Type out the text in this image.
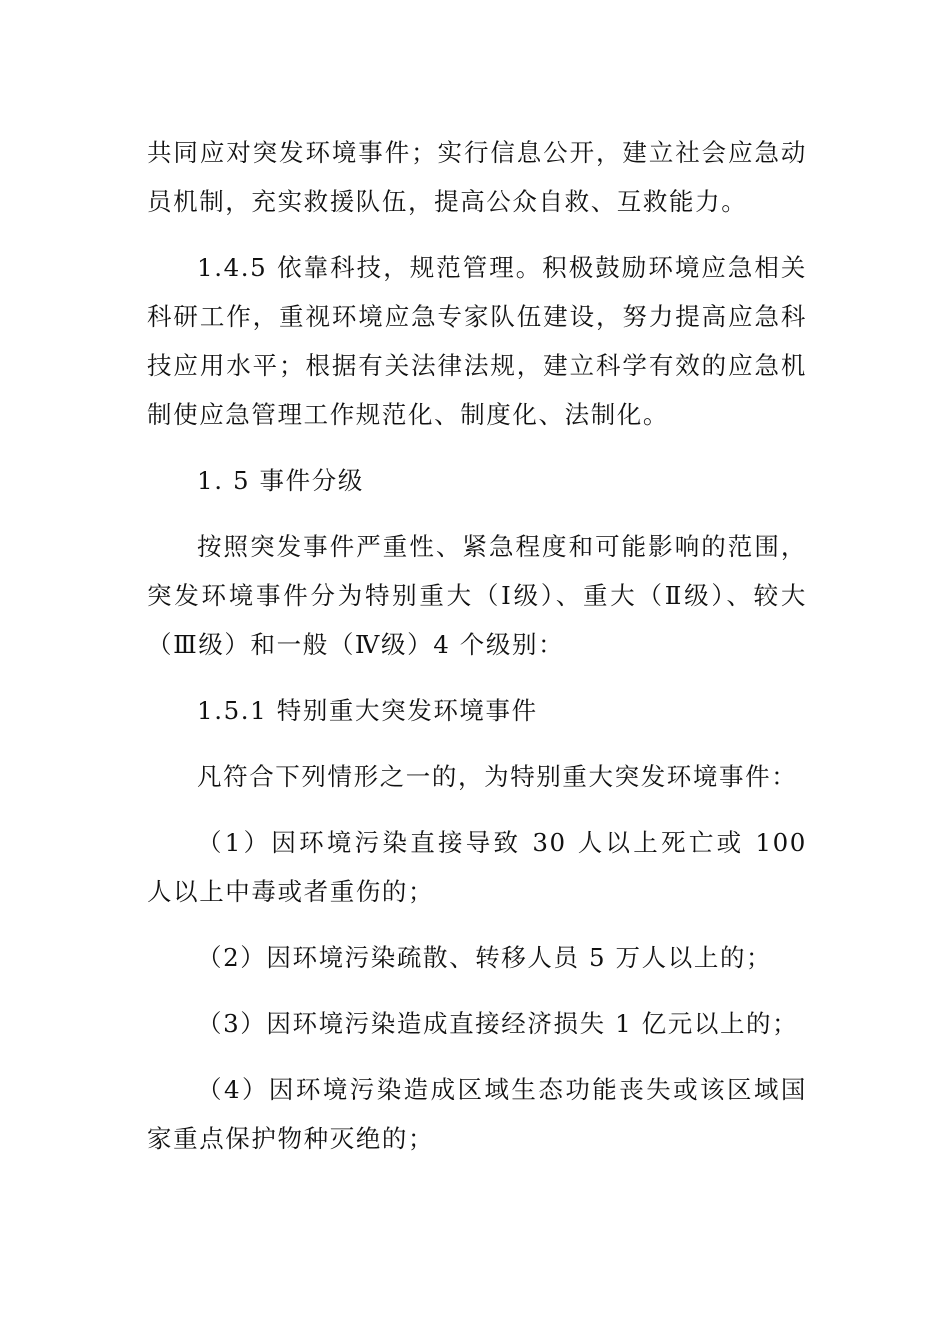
共同应对突发环境事件；实行信息公开，建立社会应急动员机制，充实救援队伍，提高公众自救、互救能力。

1.4.5 依靠科技，规范管理。积极鼓励环境应急相关科研工作，重视环境应急专家队伍建设，努力提高应急科技应用水平；根据有关法律法规，建立科学有效的应急机制使应急管理工作规范化、制度化、法制化。

1. 5 事件分级

按照突发事件严重性、紧急程度和可能影响的范围，突发环境事件分为特别重大（Ⅰ级）、重大（Ⅱ级）、较大（Ⅲ级）和一般（Ⅳ级）4 个级别：

1.5.1 特别重大突发环境事件

凡符合下列情形之一的，为特别重大突发环境事件：

（1）因环境污染直接导致 30 人以上死亡或 100 人以上中毒或者重伤的；

（2）因环境污染疏散、转移人员 5 万人以上的；

（3）因环境污染造成直接经济损失 1 亿元以上的；

（4）因环境污染造成区域生态功能丧失或该区域国家重点保护物种灭绝的；
